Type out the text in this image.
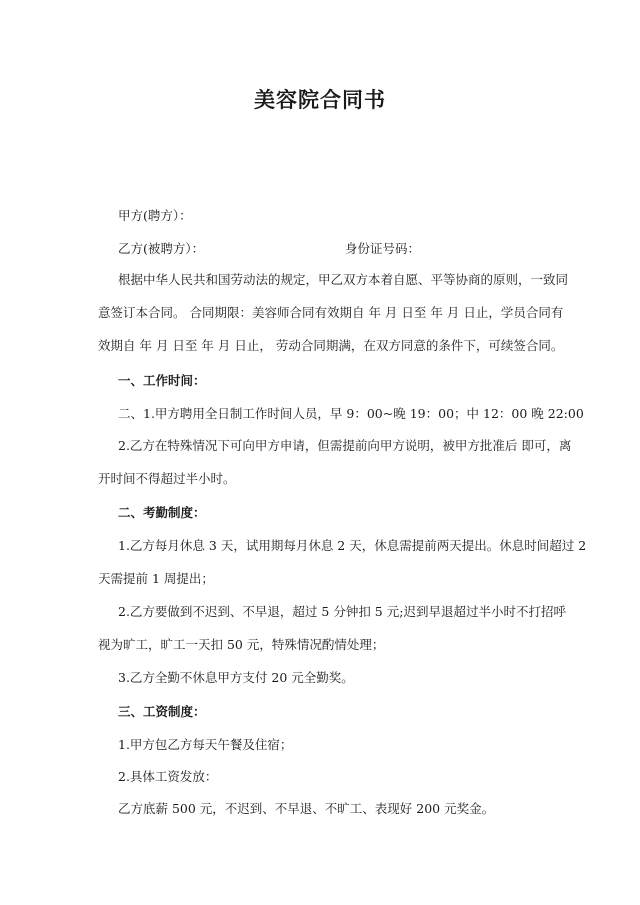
美容院合同书
甲方(聘方）：
乙方(被聘方）：	身份证号码：
根据中华人民共和国劳动法的规定，甲乙双方本着自愿、平等协商的原则，一致同
意签订本合同。 合同期限：美容师合同有效期自 年 月 日至 年 月 日止，学员合同有
效期自 年 月 日至 年 月 日止， 劳动合同期满，在双方同意的条件下，可续签合同。
一、工作时间：
二、1.甲方聘用全日制工作时间人员，早 9：00~晚 19：00；中 12：00 晚 22:00
2.乙方在特殊情况下可向甲方申请，但需提前向甲方说明，被甲方批准后 即可，离
开时间不得超过半小时。
二、考勤制度：
1.乙方每月休息 3 天，试用期每月休息 2 天，休息需提前两天提出。休息时间超过 2
天需提前 1 周提出；
2.乙方要做到不迟到、不早退，超过 5 分钟扣 5 元;迟到早退超过半小时不打招呼
视为旷工，旷工一天扣 50 元，特殊情况酌情处理；
3.乙方全勤不休息甲方支付 20 元全勤奖。
三、工资制度：
1.甲方包乙方每天午餐及住宿；
2.具体工资发放：
乙方底薪 500 元，不迟到、不早退、不旷工、表现好 200 元奖金。
